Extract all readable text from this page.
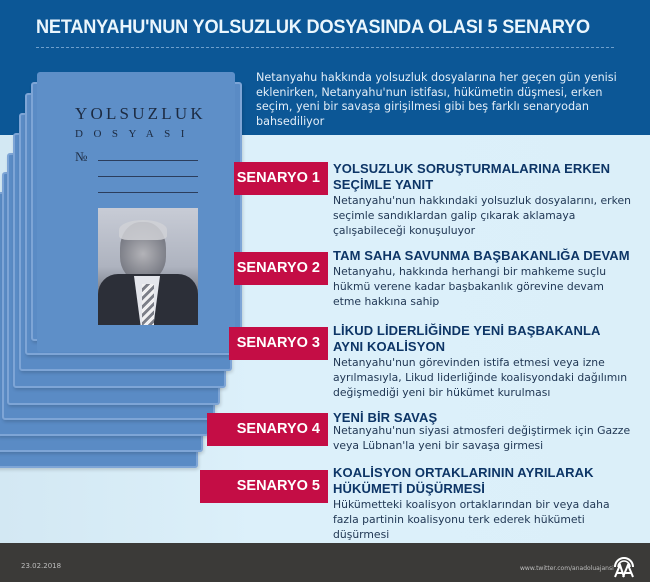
NETANYAHU'NUN YOLSUZLUK DOSYASINDA OLASI 5 SENARYO
Netanyahu hakkında yolsuzluk dosyalarına her geçen gün yenisi eklenirken, Netanyahu'nun istifası, hükümetin düşmesi, erken seçim, yeni bir savaşa girişilmesi gibi beş farklı senaryodan bahsediliyor
YOLSUZLUK
DOSYASI
№
SENARYO 1
YOLSUZLUK SORUŞTURMALARINA ERKEN SEÇİMLE YANIT
Netanyahu'nun hakkındaki yolsuzluk dosyalarını, erken seçimle sandıklardan galip çıkarak aklamaya çalışabileceği konuşuluyor
SENARYO 2
TAM SAHA SAVUNMA BAŞBAKANLIĞA DEVAM
Netanyahu, hakkında herhangi bir mahkeme suçlu hükmü verene kadar başbakanlık görevine devam etme hakkına sahip
SENARYO 3
LİKUD LİDERLİĞİNDE YENİ BAŞBAKANLA AYNI KOALİSYON
Netanyahu'nun görevinden istifa etmesi veya izne ayrılmasıyla, Likud liderliğinde koalisyondaki dağılımın değişmediği yeni bir hükümet kurulması
SENARYO 4
YENİ BİR SAVAŞ
Netanyahu'nun siyasi atmosferi değiştirmek için Gazze veya Lübnan'la yeni bir savaşa girmesi
SENARYO 5
KOALİSYON ORTAKLARININ AYRILARAK HÜKÜMETİ DÜŞÜRMESİ
Hükümetteki koalisyon ortaklarından bir veya daha fazla partinin koalisyonu terk ederek hükümeti düşürmesi
23.02.2018	www.twitter.com/anadoluajansi
